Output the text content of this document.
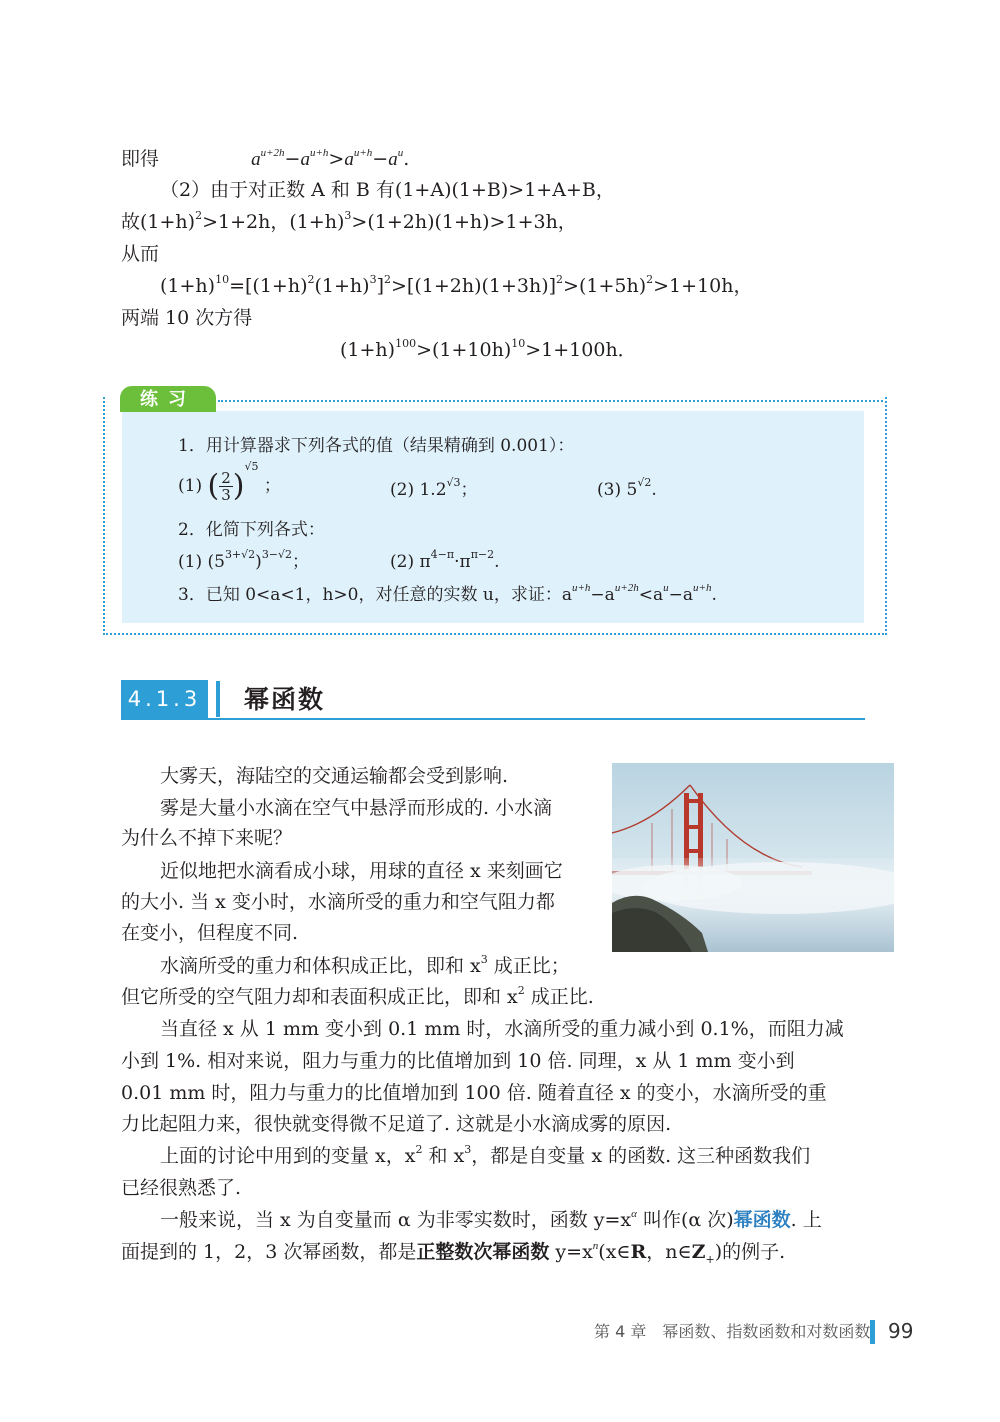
即得	$a^{u+2h}-a^{u+h}>a^{u+h}-a^u$.
（2）由于对正数 A 和 B 有(1+A)(1+B)>1+A+B，
故$(1+h)^2>1+2h$，$(1+h)^3>(1+2h)(1+h)>1+3h$，
从而
$(1+h)^{10}=[(1+h)^2(1+h)^3]^2>[(1+2h)(1+3h)]^2>(1+5h)^2>1+10h$，
两端 10 次方得
$(1+h)^{100}>(1+10h)^{10}>1+100h$．
练习
1．用计算器求下列各式的值（结果精确到 0.001）：
(1) ( $\frac{2}{3} )^{√5}$ ；	(2) $1.2^{√3}$；	(3) $5^{√2}$.
2．化简下列各式：
(1) $(5^{3+√2})^{3-√2}$；	(2) $\pi^{4-\pi}\cdot\pi^{\pi-2}$.
3．已知 0<a<1，h>0，对任意的实数 u，求证：$a^{u+h}-a^{u+2h}<a^u-a^{u+h}$.
4.1.3 幂函数
大雾天，海陆空的交通运输都会受到影响.
雾是大量小水滴在空气中悬浮而形成的. 小水滴
为什么不掉下来呢？
近似地把水滴看成小球，用球的直径 x 来刻画它
的大小. 当 x 变小时，水滴所受的重力和空气阻力都
在变小，但程度不同.
水滴所受的重力和体积成正比，即和 $x^3$ 成正比；
但它所受的空气阻力却和表面积成正比，即和 $x^2$ 成正比.
当直径 x 从 1 mm 变小到 0.1 mm 时，水滴所受的重力减小到 0.1%，而阻力减
小到 1%. 相对来说，阻力与重力的比值增加到 10 倍. 同理，x 从 1 mm 变小到
0.01 mm 时，阻力与重力的比值增加到 100 倍. 随着直径 x 的变小，水滴所受的重
力比起阻力来，很快就变得微不足道了. 这就是小水滴成雾的原因.
上面的讨论中用到的变量 x，$x^2$ 和 $x^3$，都是自变量 x 的函数. 这三种函数我们
已经很熟悉了.
一般来说，当 x 为自变量而 α 为非零实数时，函数 $y=x^\alpha$ 叫作(α 次)幂函数. 上
面提到的 1，2，3 次幂函数，都是正整数次幂函数 $y=x^n(x\in R$，$n\in Z_+$)的例子.
第 4 章　幂函数、指数函数和对数函数 99
